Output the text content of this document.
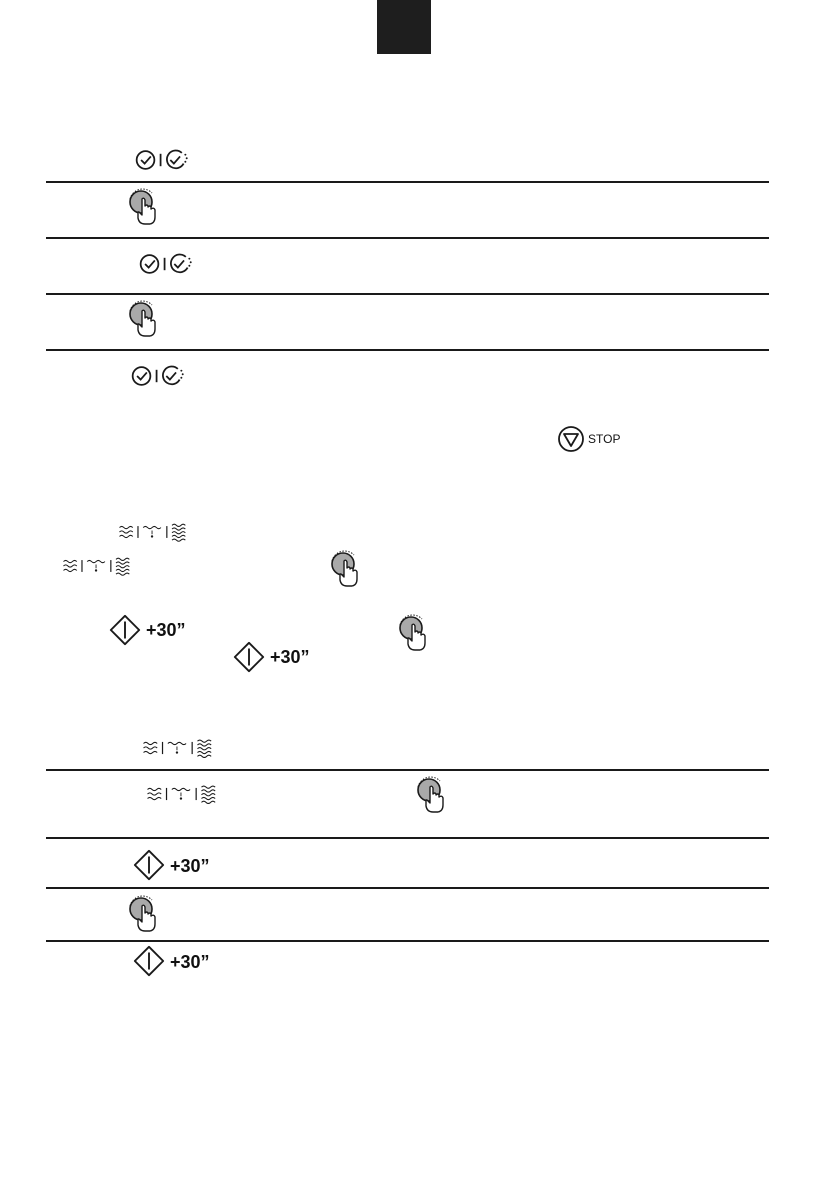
STOP
+30”
+30”
+30”
+30”
